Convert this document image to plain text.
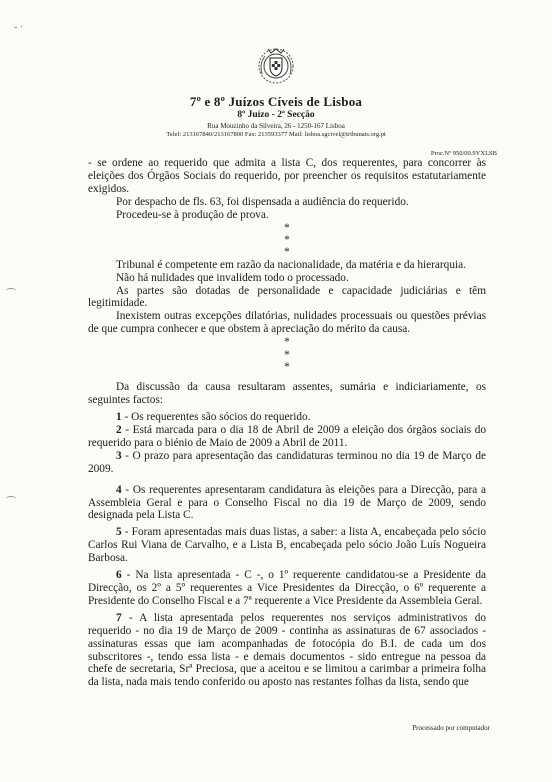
- ·
7º e 8º Juízos Cíveis de Lisboa
8º Juízo - 2ª Secção
Rua Mouzinho da Silveira, 26 - 1250-167 Lisboa
Telef: 213167840/213167800 Fax: 213593377 Mail: lisboa.sgcivel@tribunais.org.pt
Proc.Nº 950/09.9YXLSB

- se ordene ao requerido que admita a lista C, dos requerentes, para concorrer às eleições dos Órgãos Sociais do requerido, por preencher os requisitos estatutariamente exigidos.

Por despacho de fls. 63, foi dispensada a audiência do requerido.

Procedeu-se à produção de prova.

*
*
*

Tribunal é competente em razão da nacionalidade, da matéria e da hierarquia.

Não há nulidades que invalidem todo o processado.

As partes são dotadas de personalidade e capacidade judiciárias e têm legitimidade.

Inexistem outras excepções dilatórias, nulidades processuais ou questões prévias de que cumpra conhecer e que obstem à apreciação do mérito da causa.

*
*
*

Da discussão da causa resultaram assentes, sumária e indiciariamente, os seguintes factos:

1 - Os requerentes são sócios do requerido.

2 - Está marcada para o dia 18 de Abril de 2009 a eleição dos órgãos sociais do requerido para o biénio de Maio de 2009 a Abril de 2011.

3 - O prazo para apresentação das candidaturas terminou no dia 19 de Março de 2009.

4 - Os requerentes apresentaram candidatura às eleições para a Direcção, para a Assembleia Geral e para o Conselho Fiscal no dia 19 de Março de 2009, sendo designada pela Lista C.

5 - Foram apresentadas mais duas listas, a saber: a lista A, encabeçada pelo sócio Carlos Rui Viana de Carvalho, e a Lista B, encabeçada pelo sócio João Luís Nogueira Barbosa.

6 - Na lista apresentada - C -, o 1º requerente candidatou-se a Presidente da Direcção, os 2º a 5º requerentes a Vice Presidentes da Direcção, o 6º requerente a Presidente do Conselho Fiscal e a 7ª requerente a Vice Presidente da Assembleia Geral.

7 - A lista apresentada pelos requerentes nos serviços administrativos do requerido - no dia 19 de Março de 2009 - continha as assinaturas de 67 associados - assinaturas essas que iam acompanhadas de fotocópia do B.I. de cada um dos subscritores -, tendo essa lista - e demais documentos - sido entregue na pessoa da chefe de secretaria, Srª Preciosa, que a aceitou e se limitou a carimbar a primeira folha da lista, nada mais tendo conferido ou aposto nas restantes folhas da lista, sendo que

Processado por computador
